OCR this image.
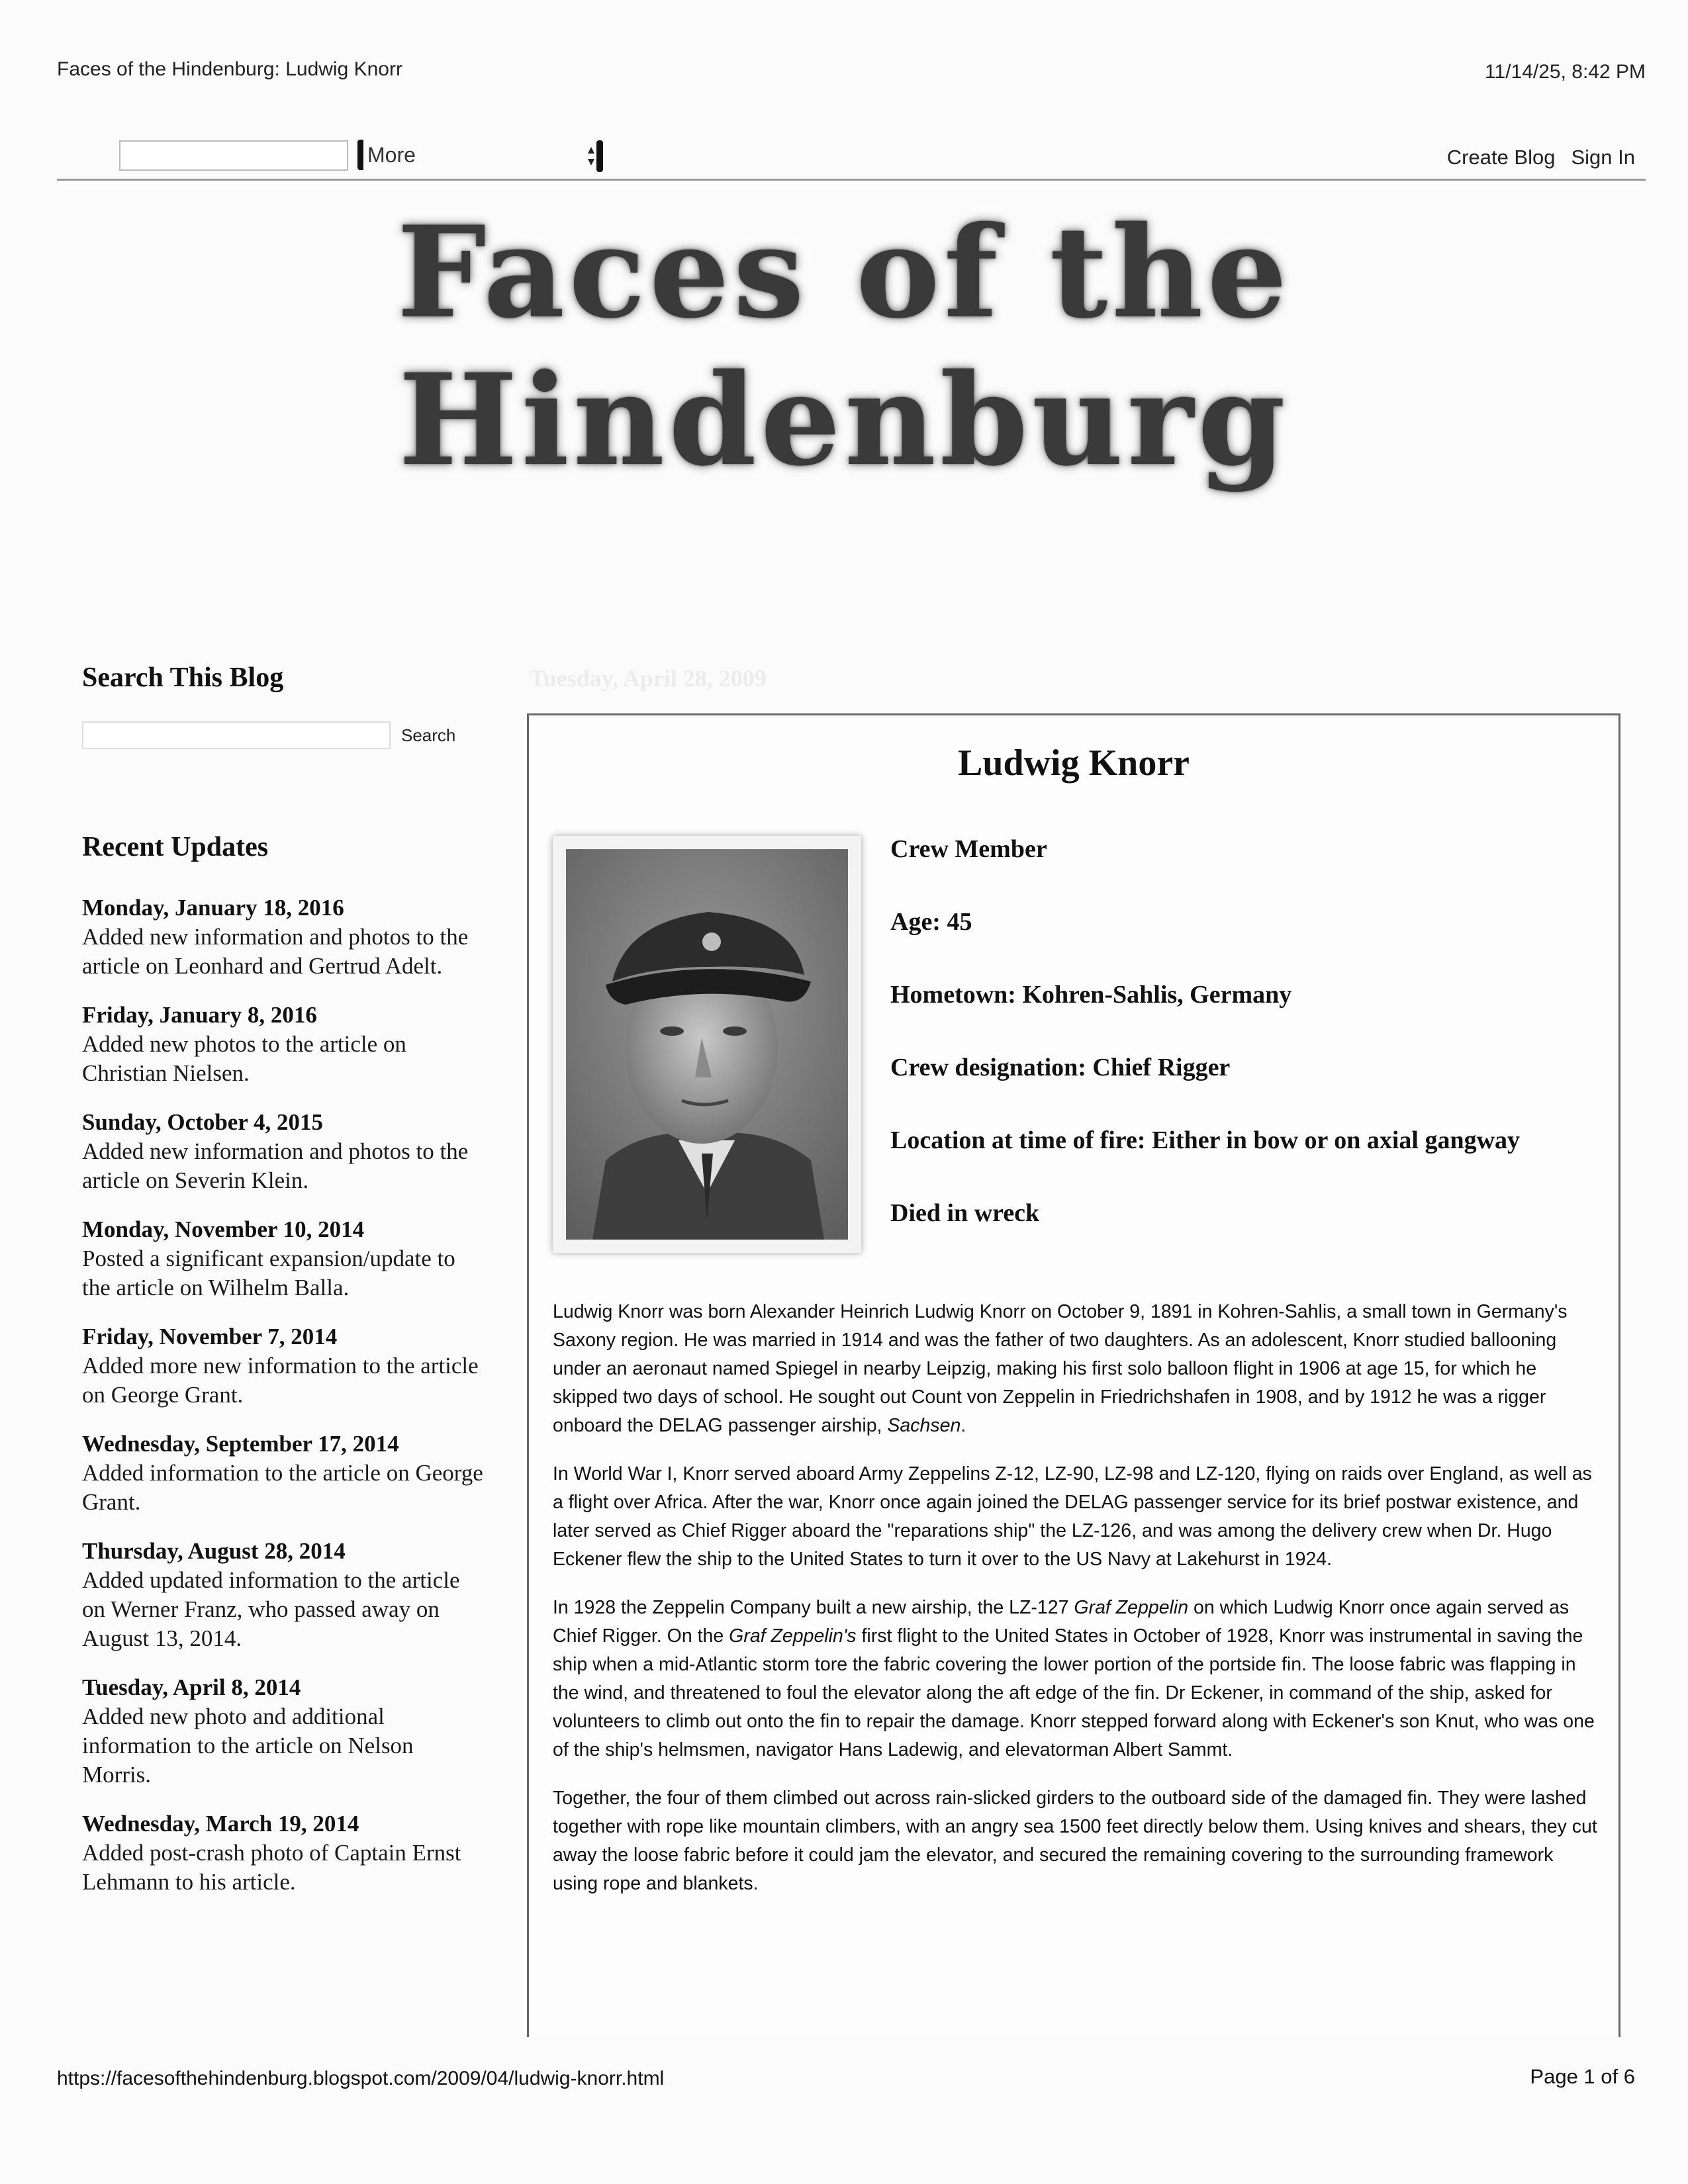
Faces of the Hindenburg: Ludwig Knorr	11/14/25, 8:42 PM
More	Create Blog Sign In
Faces of the Hindenburg
Search This Blog
Search
Recent Updates
Monday, January 18, 2016
Added new information and photos to the article on Leonhard and Gertrud Adelt.
Friday, January 8, 2016
Added new photos to the article on Christian Nielsen.
Sunday, October 4, 2015
Added new information and photos to the article on Severin Klein.
Monday, November 10, 2014
Posted a significant expansion/update to the article on Wilhelm Balla.
Friday, November 7, 2014
Added more new information to the article on George Grant.
Wednesday, September 17, 2014
Added information to the article on George Grant.
Thursday, August 28, 2014
Added updated information to the article on Werner Franz, who passed away on August 13, 2014.
Tuesday, April 8, 2014
Added new photo and additional information to the article on Nelson Morris.
Wednesday, March 19, 2014
Added post-crash photo of Captain Ernst Lehmann to his article.
Tuesday, April 28, 2009
Ludwig Knorr
Crew Member
Age: 45
Hometown: Kohren-Sahlis, Germany
Crew designation: Chief Rigger
Location at time of fire: Either in bow or on axial gangway
Died in wreck

Ludwig Knorr was born Alexander Heinrich Ludwig Knorr on October 9, 1891 in Kohren-Sahlis, a small town in Germany's Saxony region. He was married in 1914 and was the father of two daughters. As an adolescent, Knorr studied ballooning under an aeronaut named Spiegel in nearby Leipzig, making his first solo balloon flight in 1906 at age 15, for which he skipped two days of school. He sought out Count von Zeppelin in Friedrichshafen in 1908, and by 1912 he was a rigger onboard the DELAG passenger airship, Sachsen.

In World War I, Knorr served aboard Army Zeppelins Z-12, LZ-90, LZ-98 and LZ-120, flying on raids over England, as well as a flight over Africa. After the war, Knorr once again joined the DELAG passenger service for its brief postwar existence, and later served as Chief Rigger aboard the "reparations ship" the LZ-126, and was among the delivery crew when Dr. Hugo Eckener flew the ship to the United States to turn it over to the US Navy at Lakehurst in 1924.

In 1928 the Zeppelin Company built a new airship, the LZ-127 Graf Zeppelin on which Ludwig Knorr once again served as Chief Rigger. On the Graf Zeppelin's first flight to the United States in October of 1928, Knorr was instrumental in saving the ship when a mid-Atlantic storm tore the fabric covering the lower portion of the portside fin. The loose fabric was flapping in the wind, and threatened to foul the elevator along the aft edge of the fin. Dr Eckener, in command of the ship, asked for volunteers to climb out onto the fin to repair the damage. Knorr stepped forward along with Eckener's son Knut, who was one of the ship's helmsmen, navigator Hans Ladewig, and elevatorman Albert Sammt.

Together, the four of them climbed out across rain-slicked girders to the outboard side of the damaged fin. They were lashed together with rope like mountain climbers, with an angry sea 1500 feet directly below them. Using knives and shears, they cut away the loose fabric before it could jam the elevator, and secured the remaining covering to the surrounding framework using rope and blankets.

https://facesofthehindenburg.blogspot.com/2009/04/ludwig-knorr.html	Page 1 of 6
